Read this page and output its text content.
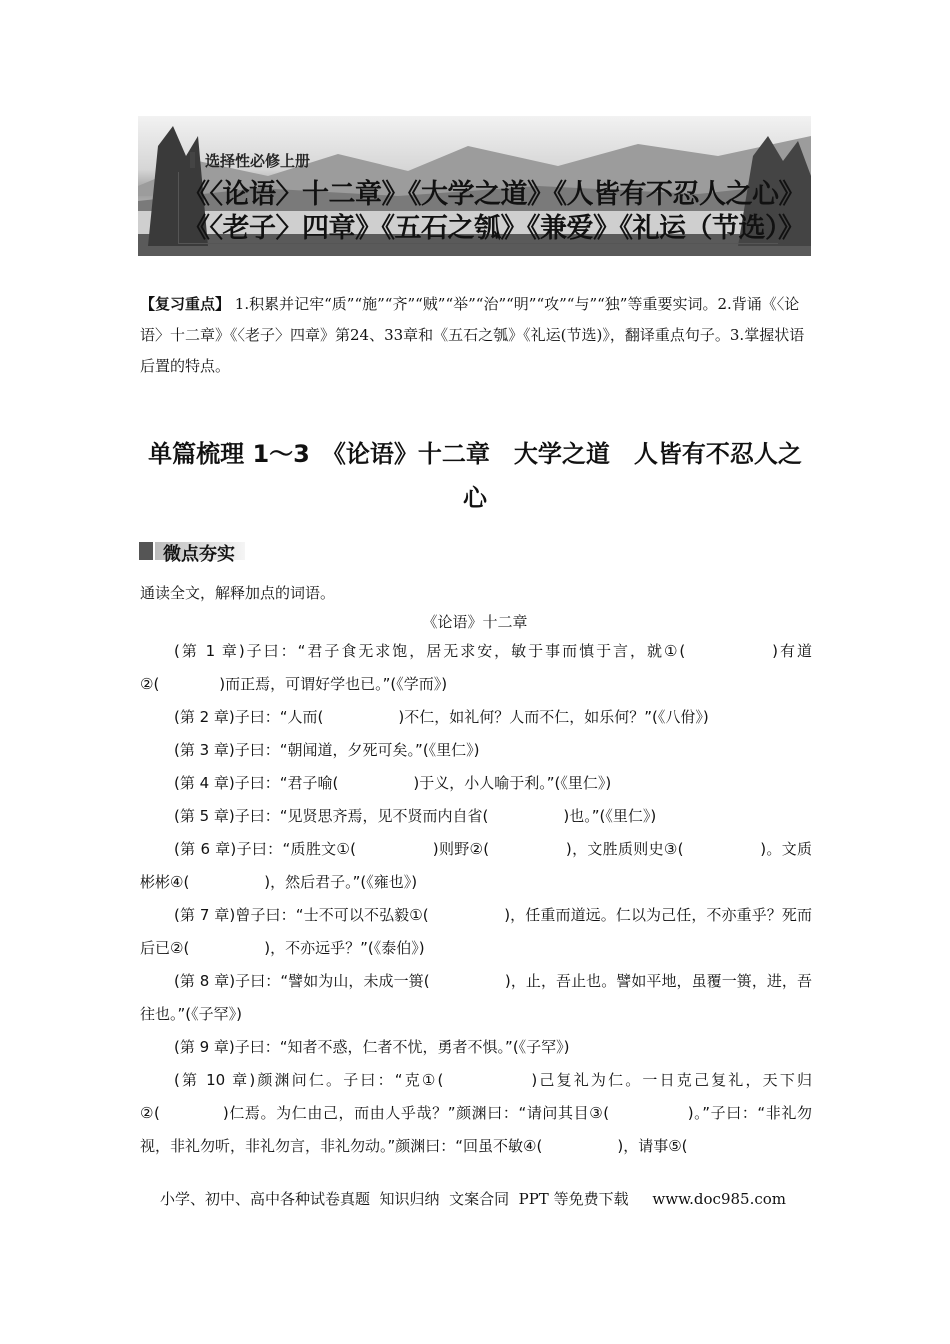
选择性必修上册
《〈论语〉十二章》《大学之道》《人皆有不忍人之心》
《〈老子〉四章》《五石之瓠》《兼爱》《礼运（节选）》
【复习重点】 1.积累并记牢“质”“施”“齐”“贼”“举”“治”“明”“攻”“与”“独”等重要实词。2.背诵《〈论语〉十二章》《〈老子〉四章》第24、33章和《五石之瓠》《礼运(节选)》，翻译重点句子。3.掌握状语后置的特点。
单篇梳理 1～3　《论语》十二章　大学之道　人皆有不忍人之心
微点夯实
通读全文，解释加点的词语。
《论语》十二章

(第 1 章)子曰：“君子食无求饱，居无求安，敏于事而慎于言，就①(　　　　　)有道②(　　　　)而正焉，可谓好学也已。”(《学而》)

(第 2 章)子曰：“人而(　　　　　)不仁，如礼何？人而不仁，如乐何？”(《八佾》)

(第 3 章)子曰：“朝闻道，夕死可矣。”(《里仁》)

(第 4 章)子曰：“君子喻(　　　　　)于义，小人喻于利。”(《里仁》)

(第 5 章)子曰：“见贤思齐焉，见不贤而内自省(　　　　　)也。”(《里仁》)

(第 6 章)子曰：“质胜文①(　　　　　)则野②(　　　　　)，文胜质则史③(　　　　　)。文质彬彬④(　　　　　)，然后君子。”(《雍也》)

(第 7 章)曾子曰：“士不可以不弘毅①(　　　　　)，任重而道远。仁以为己任，不亦重乎？死而后已②(　　　　　)，不亦远乎？”(《泰伯》)

(第 8 章)子曰：“譬如为山，未成一篑(　　　　　)，止，吾止也。譬如平地，虽覆一篑，进，吾往也。”(《子罕》)

(第 9 章)子曰：“知者不惑，仁者不忧，勇者不惧。”(《子罕》)

(第 10 章)颜渊问仁。子曰：“克①(　　　　　)己复礼为仁。一日克己复礼，天下归②(　　　　)仁焉。为仁由己，而由人乎哉？”颜渊曰：“请问其目③(　　　　　)。”子曰：“非礼勿视，非礼勿听，非礼勿言，非礼勿动。”颜渊曰：“回虽不敏④(　　　　　)，请事⑤(

小学、初中、高中各种试卷真题  知识归纳  文案合同  PPT 等免费下载     www.doc985.com
